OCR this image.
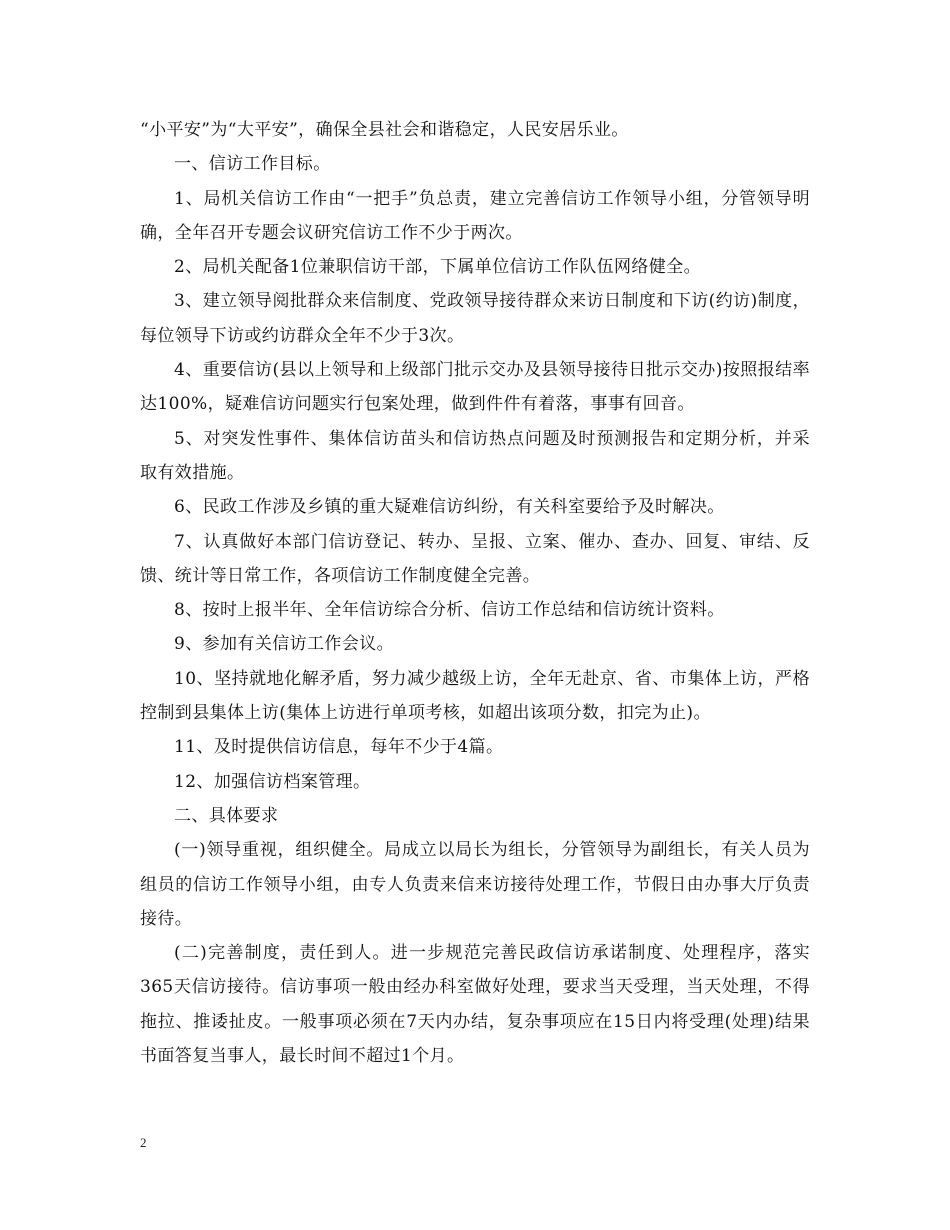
“小平安”为“大平安”，确保全县社会和谐稳定，人民安居乐业。

一、信访工作目标。

1、局机关信访工作由“一把手”负总责，建立完善信访工作领导小组，分管领导明确，全年召开专题会议研究信访工作不少于两次。

2、局机关配备1位兼职信访干部，下属单位信访工作队伍网络健全。

3、建立领导阅批群众来信制度、党政领导接待群众来访日制度和下访(约访)制度，每位领导下访或约访群众全年不少于3次。

4、重要信访(县以上领导和上级部门批示交办及县领导接待日批示交办)按照报结率达100%，疑难信访问题实行包案处理，做到件件有着落，事事有回音。

5、对突发性事件、集体信访苗头和信访热点问题及时预测报告和定期分析，并采取有效措施。

6、民政工作涉及乡镇的重大疑难信访纠纷，有关科室要给予及时解决。

7、认真做好本部门信访登记、转办、呈报、立案、催办、查办、回复、审结、反馈、统计等日常工作，各项信访工作制度健全完善。

8、按时上报半年、全年信访综合分析、信访工作总结和信访统计资料。

9、参加有关信访工作会议。

10、坚持就地化解矛盾，努力减少越级上访，全年无赴京、省、市集体上访，严格控制到县集体上访(集体上访进行单项考核，如超出该项分数，扣完为止)。

11、及时提供信访信息，每年不少于4篇。

12、加强信访档案管理。

二、具体要求

(一)领导重视，组织健全。局成立以局长为组长，分管领导为副组长，有关人员为组员的信访工作领导小组，由专人负责来信来访接待处理工作，节假日由办事大厅负责接待。

(二)完善制度，责任到人。进一步规范完善民政信访承诺制度、处理程序，落实365天信访接待。信访事项一般由经办科室做好处理，要求当天受理，当天处理，不得拖拉、推诿扯皮。一般事项必须在7天内办结，复杂事项应在15日内将受理(处理)结果书面答复当事人，最长时间不超过1个月。

2
